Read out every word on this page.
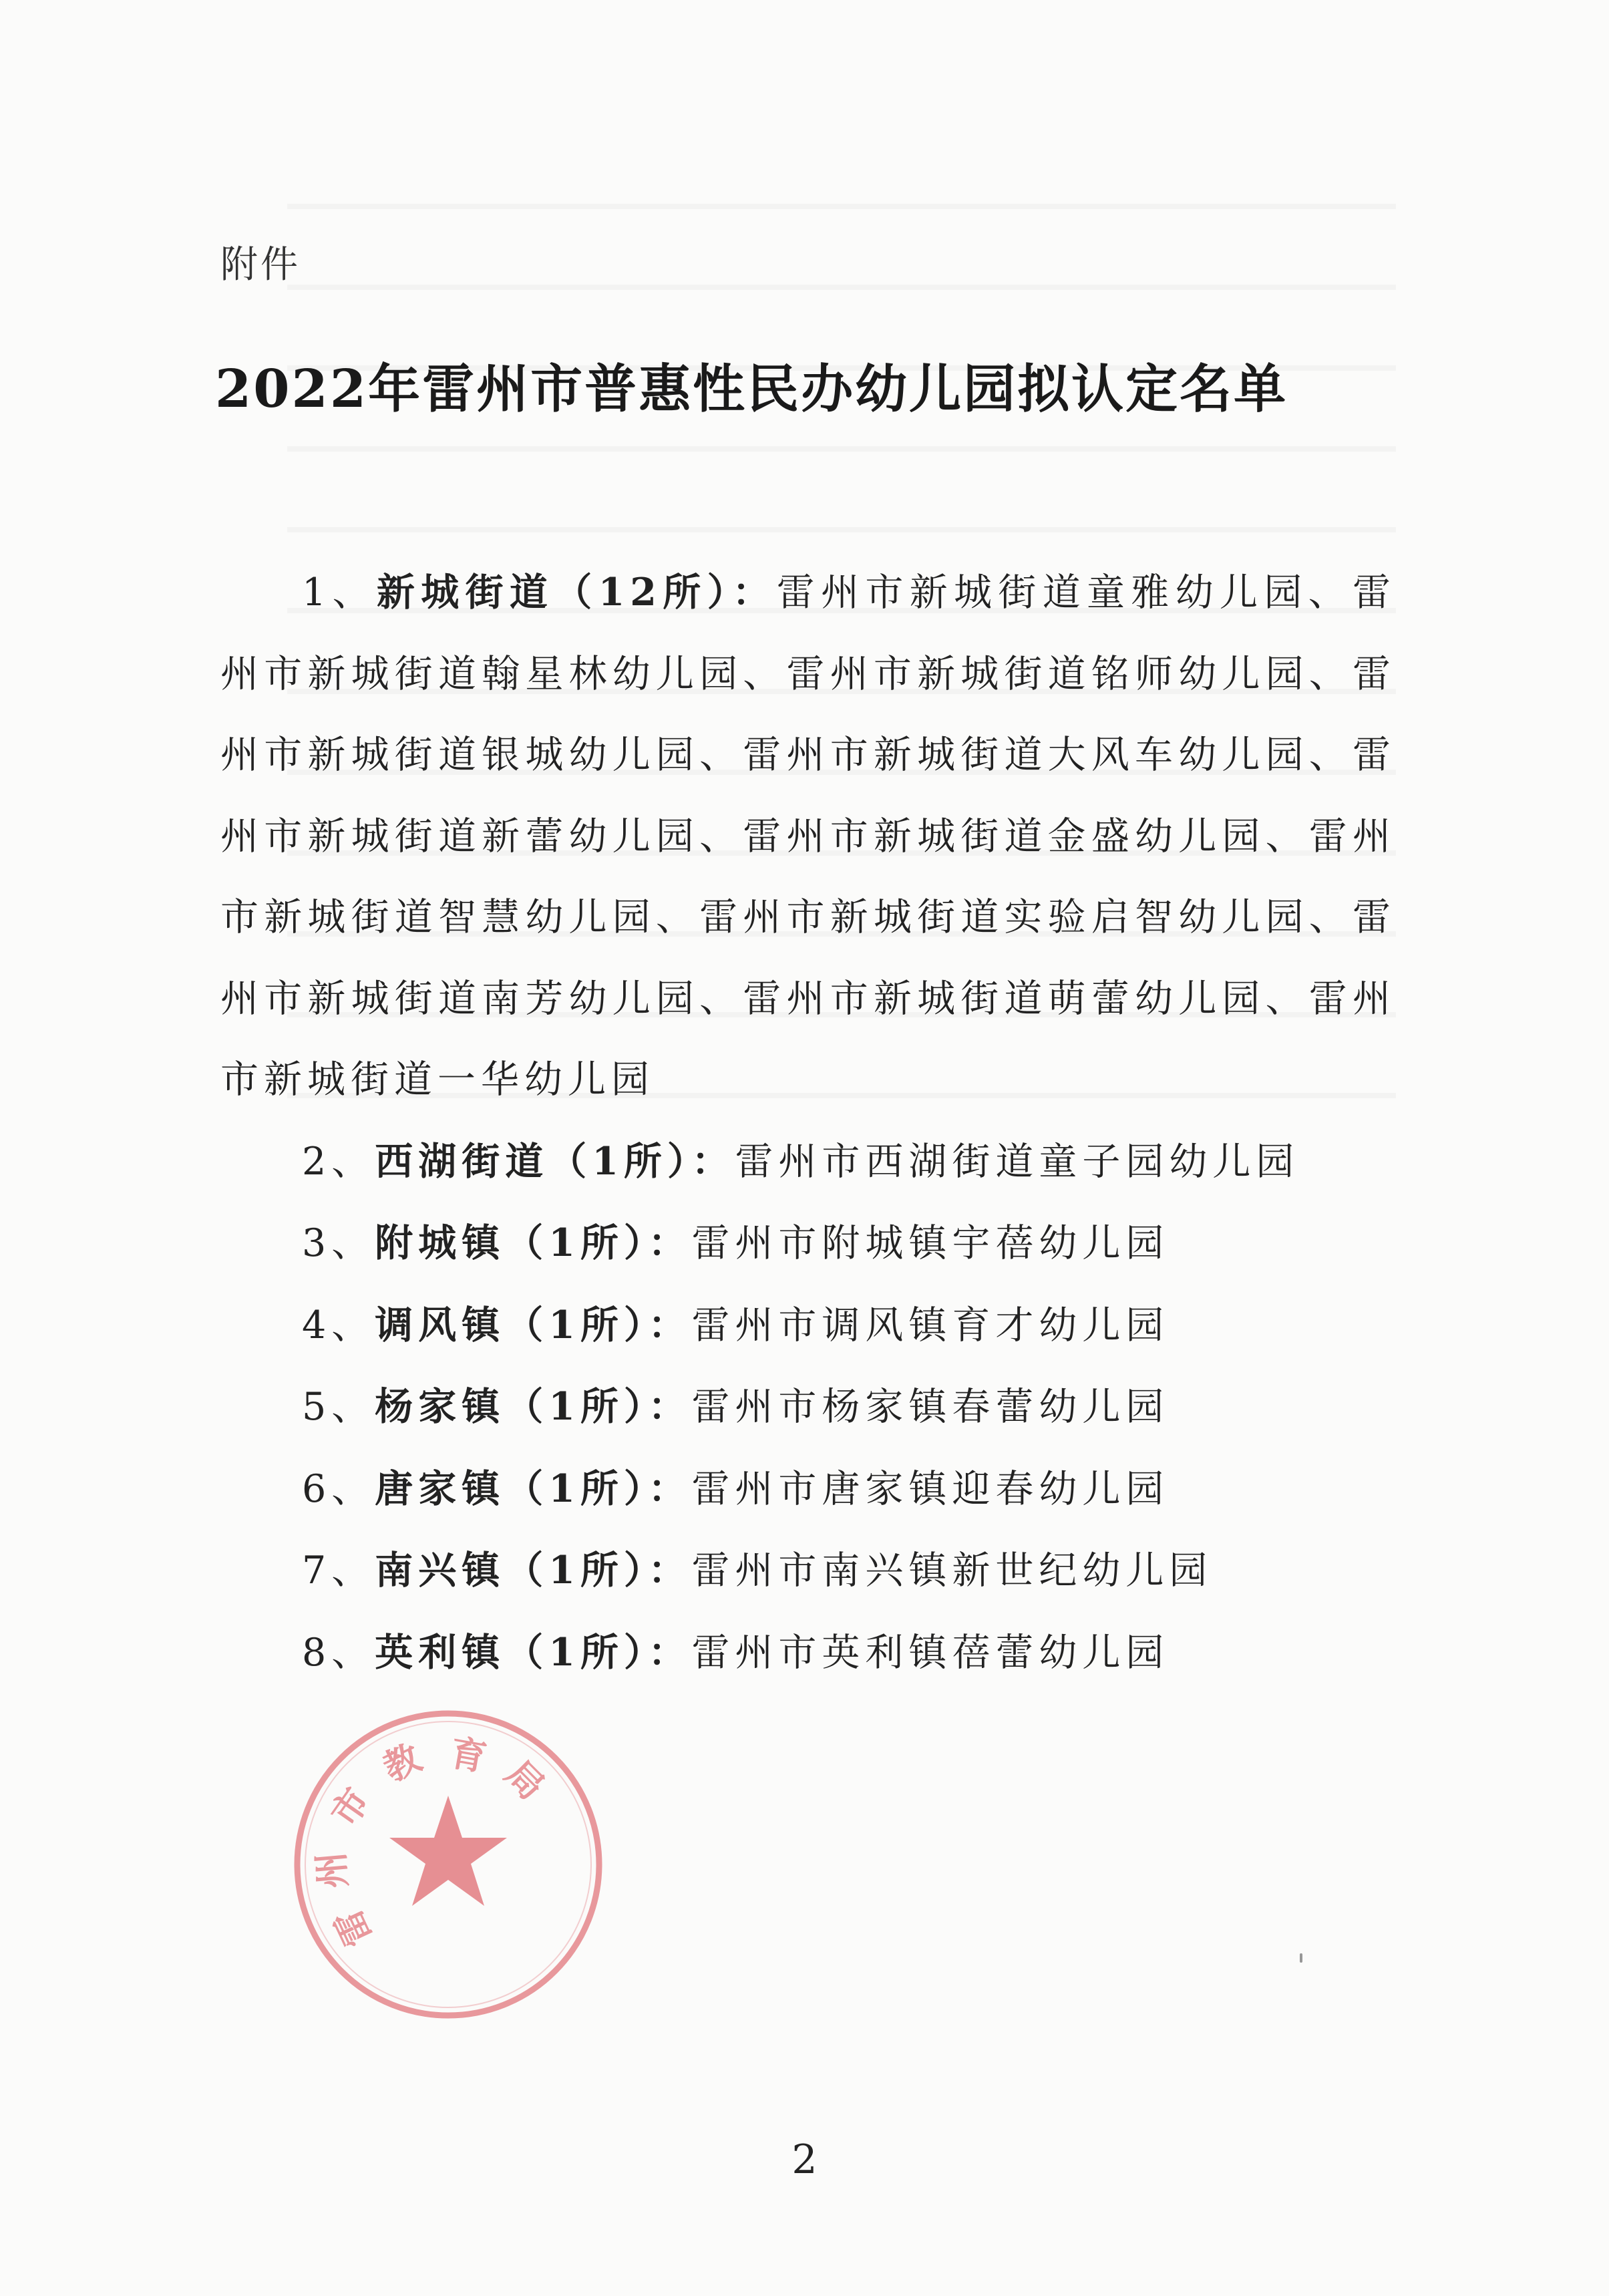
附件
2022年雷州市普惠性民办幼儿园拟认定名单

1、新城街道（12所）：雷州市新城街道童雅幼儿园、雷州市新城街道翰星林幼儿园、雷州市新城街道铭师幼儿园、雷州市新城街道银城幼儿园、雷州市新城街道大风车幼儿园、雷州市新城街道新蕾幼儿园、雷州市新城街道金盛幼儿园、雷州市新城街道智慧幼儿园、雷州市新城街道实验启智幼儿园、雷州市新城街道南芳幼儿园、雷州市新城街道萌蕾幼儿园、雷州市新城街道一华幼儿园

2、西湖街道（1所）：雷州市西湖街道童子园幼儿园

3、附城镇（1所）：雷州市附城镇宇蓓幼儿园

4、调风镇（1所）：雷州市调风镇育才幼儿园

5、杨家镇（1所）：雷州市杨家镇春蕾幼儿园

6、唐家镇（1所）：雷州市唐家镇迎春幼儿园

7、南兴镇（1所）：雷州市南兴镇新世纪幼儿园

8、英利镇（1所）：雷州市英利镇蓓蕾幼儿园

雷
州
市
教 育 局
2
